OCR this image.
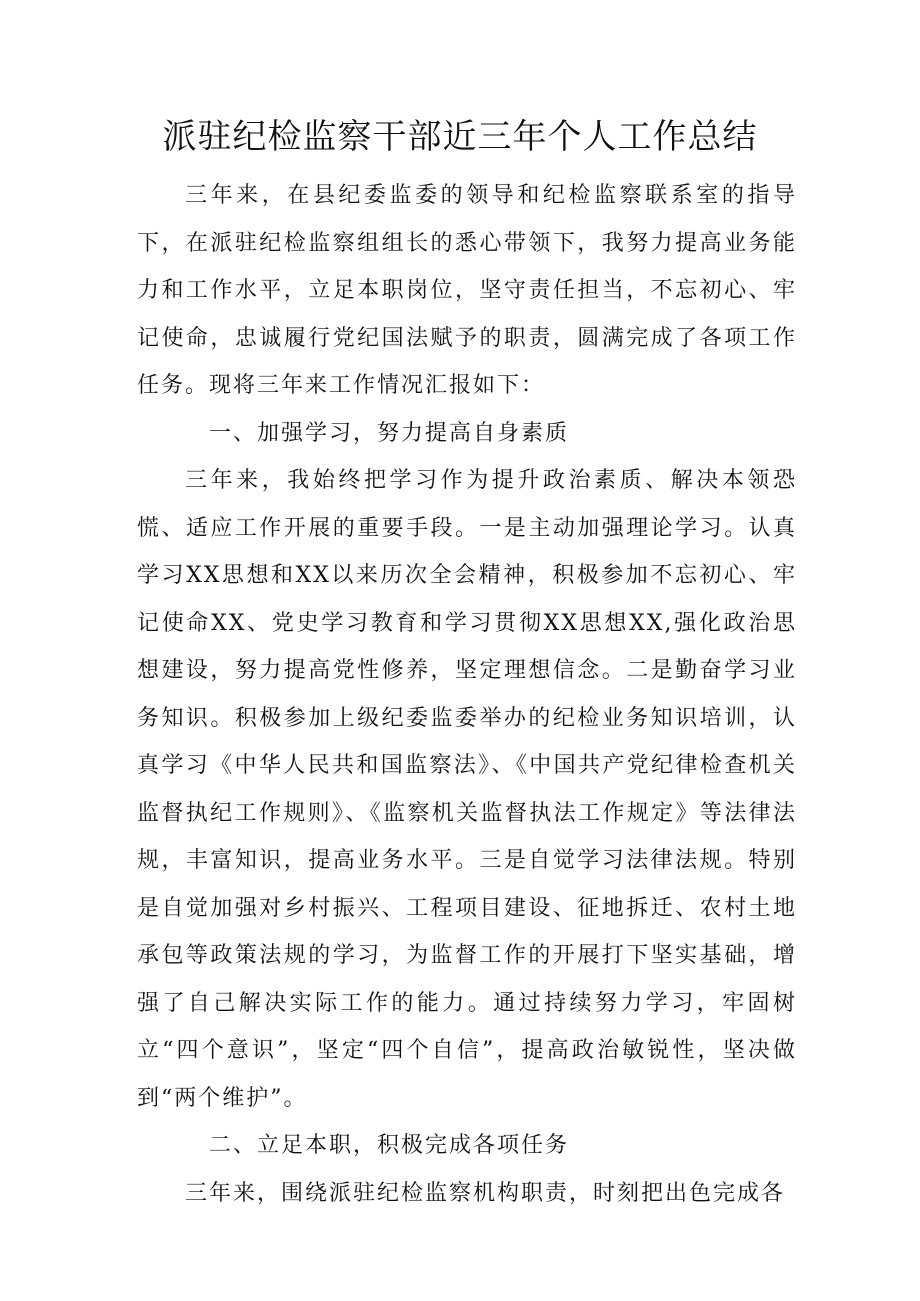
派驻纪检监察干部近三年个人工作总结

三年来，在县纪委监委的领导和纪检监察联系室的指导下，在派驻纪检监察组组长的悉心带领下，我努力提高业务能力和工作水平，立足本职岗位，坚守责任担当，不忘初心、牢记使命，忠诚履行党纪国法赋予的职责，圆满完成了各项工作任务。现将三年来工作情况汇报如下：

一、加强学习，努力提高自身素质

三年来，我始终把学习作为提升政治素质、解决本领恐慌、适应工作开展的重要手段。一是主动加强理论学习。认真学习XX思想和XX以来历次全会精神，积极参加不忘初心、牢记使命XX、党史学习教育和学习贯彻XX思想XX,强化政治思想建设，努力提高党性修养，坚定理想信念。二是勤奋学习业务知识。积极参加上级纪委监委举办的纪检业务知识培训，认真学习《中华人民共和国监察法》、《中国共产党纪律检查机关监督执纪工作规则》、《监察机关监督执法工作规定》等法律法规，丰富知识，提高业务水平。三是自觉学习法律法规。特别是自觉加强对乡村振兴、工程项目建设、征地拆迁、农村土地承包等政策法规的学习，为监督工作的开展打下坚实基础，增强了自己解决实际工作的能力。通过持续努力学习，牢固树立“四个意识”，坚定“四个自信”，提高政治敏锐性，坚决做到“两个维护”。

二、立足本职，积极完成各项任务

三年来，围绕派驻纪检监察机构职责，时刻把出色完成各
